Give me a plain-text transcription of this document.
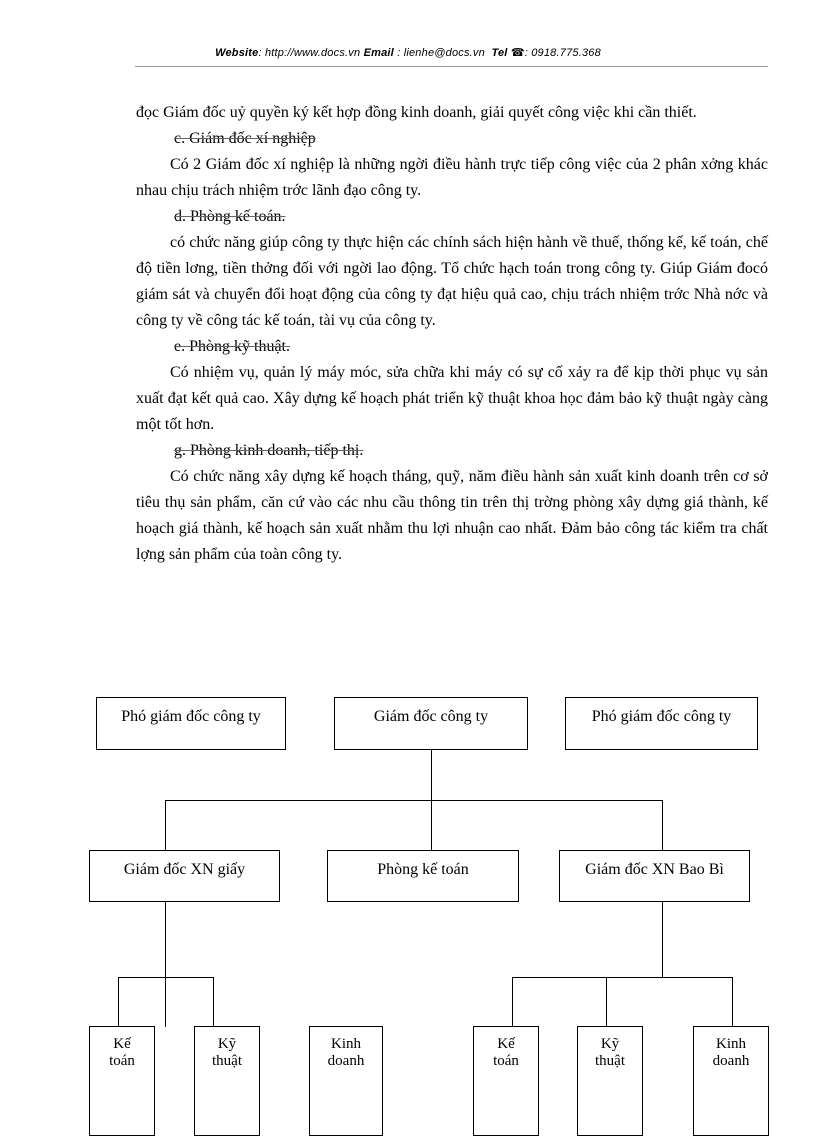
Website: http://www.docs.vn Email : lienhe@docs.vn Tel ☎: 0918.775.368

đọc Giám đốc uỷ quyền ký kết hợp đồng kinh doanh, giải quyết công việc khi cần thiết.

c. Giám đốc xí nghiệp

Có 2 Giám đốc xí nghiệp là những ngời điều hành trực tiếp công việc của 2 phân xởng khác nhau chịu trách nhiệm trớc lãnh đạo công ty.

d. Phòng kế toán.

có chức năng giúp công ty thực hiện các chính sách hiện hành về thuế, thống kế, kế toán, chế độ tiền lơng, tiền thởng đối với ngời lao động. Tổ chức hạch toán trong công ty. Giúp Giám đocó giám sát và chuyển đổi hoạt động của công ty đạt hiệu quả cao, chịu trách nhiệm trớc Nhà nớc và công ty về công tác kế toán, tài vụ của công ty.

e. Phòng kỹ thuật.

Có nhiệm vụ, quản lý máy móc, sửa chữa khi máy có sự cố xảy ra để kịp thời phục vụ sản xuất đạt kết quả cao. Xây dựng kế hoạch phát triển kỹ thuật khoa học đảm bảo kỹ thuật ngày càng một tốt hơn.

g. Phòng kinh doanh, tiếp thị.

Có chức năng xây dựng kế hoạch tháng, quỹ, năm điều hành sản xuất kinh doanh trên cơ sở tiêu thụ sản phẩm, căn cứ vào các nhu cầu thông tin trên thị trờng phòng xây dựng giá thành, kế hoạch giá thành, kế hoạch sản xuất nhằm thu lợi nhuận cao nhất. Đảm bảo công tác kiểm tra chất lợng sản phẩm của toàn công ty.

Phó giám đốc công ty	Giám đốc công ty	Phó giám đốc công ty
Giám đốc XN giấy	Phòng kế toán	Giám đốc XN Bao Bì
Kế
toán
Kỹ
thuật
Kinh
doanh
Kế
toán
Kỹ
thuật
Kinh
doanh
